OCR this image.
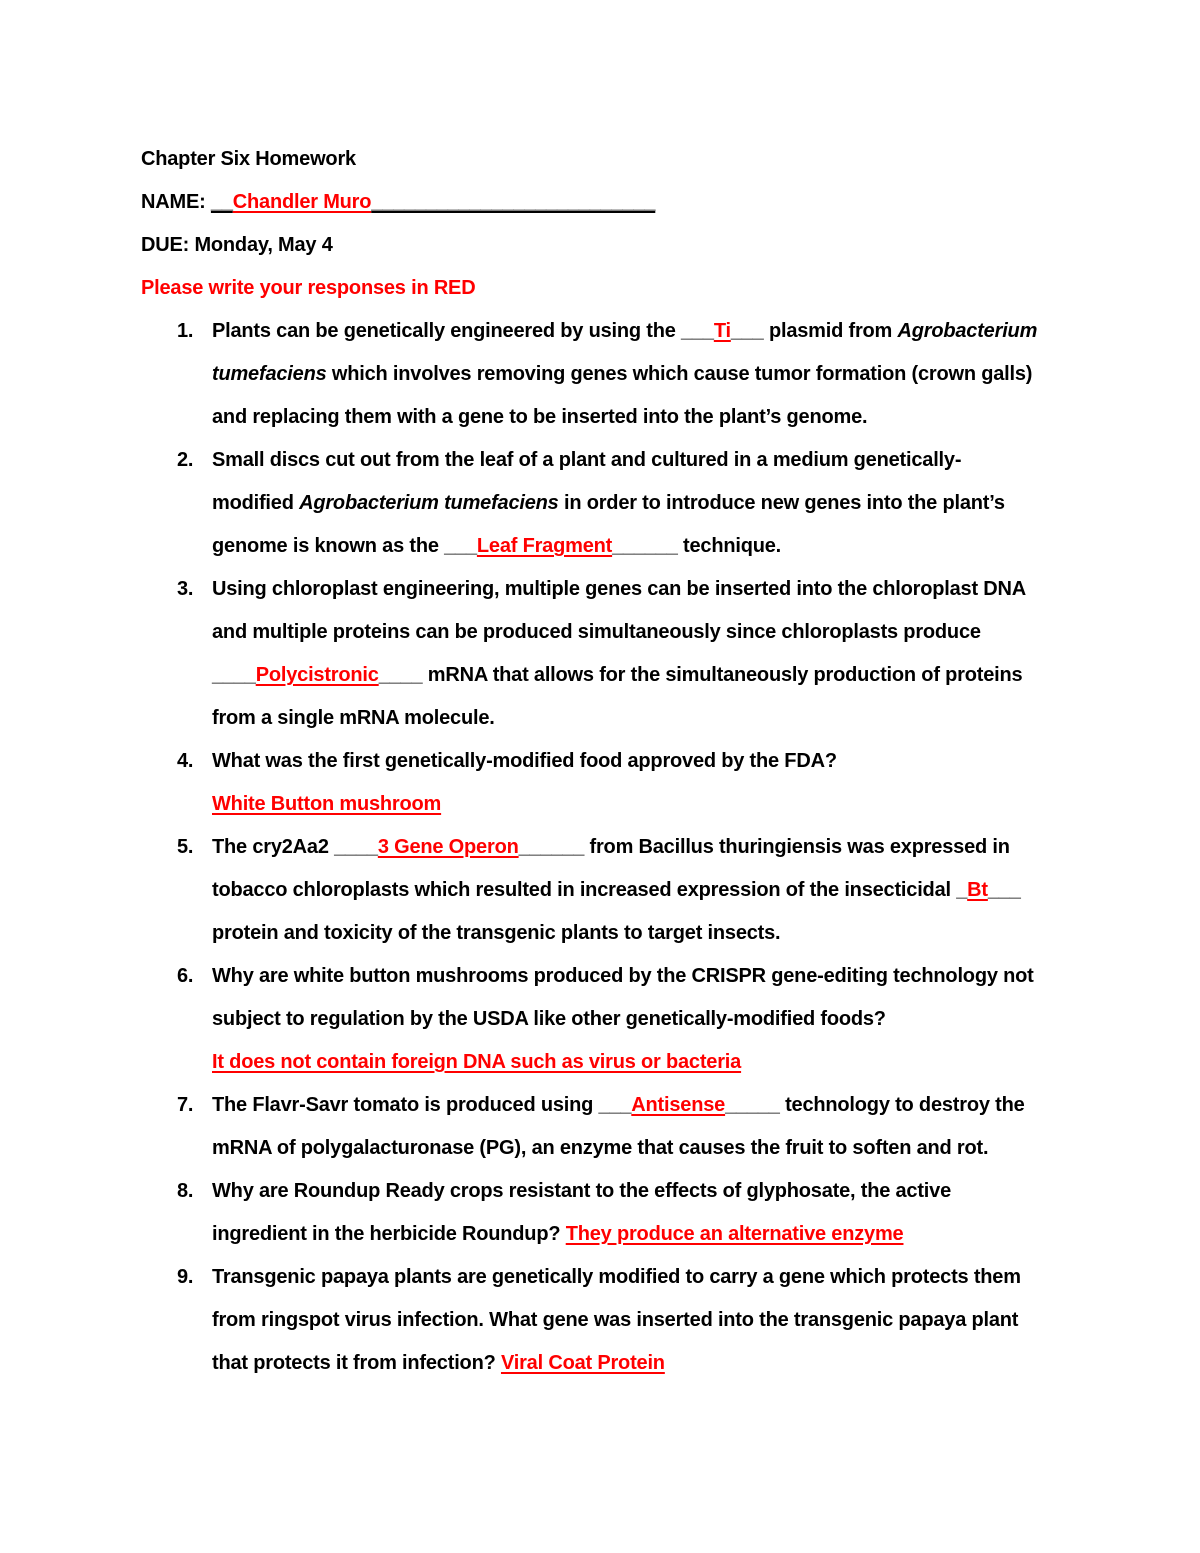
Chapter Six Homework
NAME: __Chandler Muro__________________________
DUE: Monday, May 4
Please write your responses in RED
1. Plants can be genetically engineered by using the ___Ti___ plasmid from Agrobacterium
tumefaciens which involves removing genes which cause tumor formation (crown galls)
and replacing them with a gene to be inserted into the plant’s genome.
2. Small discs cut out from the leaf of a plant and cultured in a medium genetically-
modified Agrobacterium tumefaciens in order to introduce new genes into the plant’s
genome is known as the ___Leaf Fragment______ technique.
3. Using chloroplast engineering, multiple genes can be inserted into the chloroplast DNA
and multiple proteins can be produced simultaneously since chloroplasts produce
____Polycistronic____ mRNA that allows for the simultaneously production of proteins
from a single mRNA molecule.
4. What was the first genetically-modified food approved by the FDA?
White Button mushroom
5. The cry2Aa2 ____3 Gene Operon______ from Bacillus thuringiensis was expressed in
tobacco chloroplasts which resulted in increased expression of the insecticidal _Bt___
protein and toxicity of the transgenic plants to target insects.
6. Why are white button mushrooms produced by the CRISPR gene-editing technology not
subject to regulation by the USDA like other genetically-modified foods?
It does not contain foreign DNA such as virus or bacteria
7. The Flavr-Savr tomato is produced using ___Antisense_____ technology to destroy the
mRNA of polygalacturonase (PG), an enzyme that causes the fruit to soften and rot.
8. Why are Roundup Ready crops resistant to the effects of glyphosate, the active
ingredient in the herbicide Roundup? They produce an alternative enzyme
9. Transgenic papaya plants are genetically modified to carry a gene which protects them
from ringspot virus infection. What gene was inserted into the transgenic papaya plant
that protects it from infection? Viral Coat Protein
